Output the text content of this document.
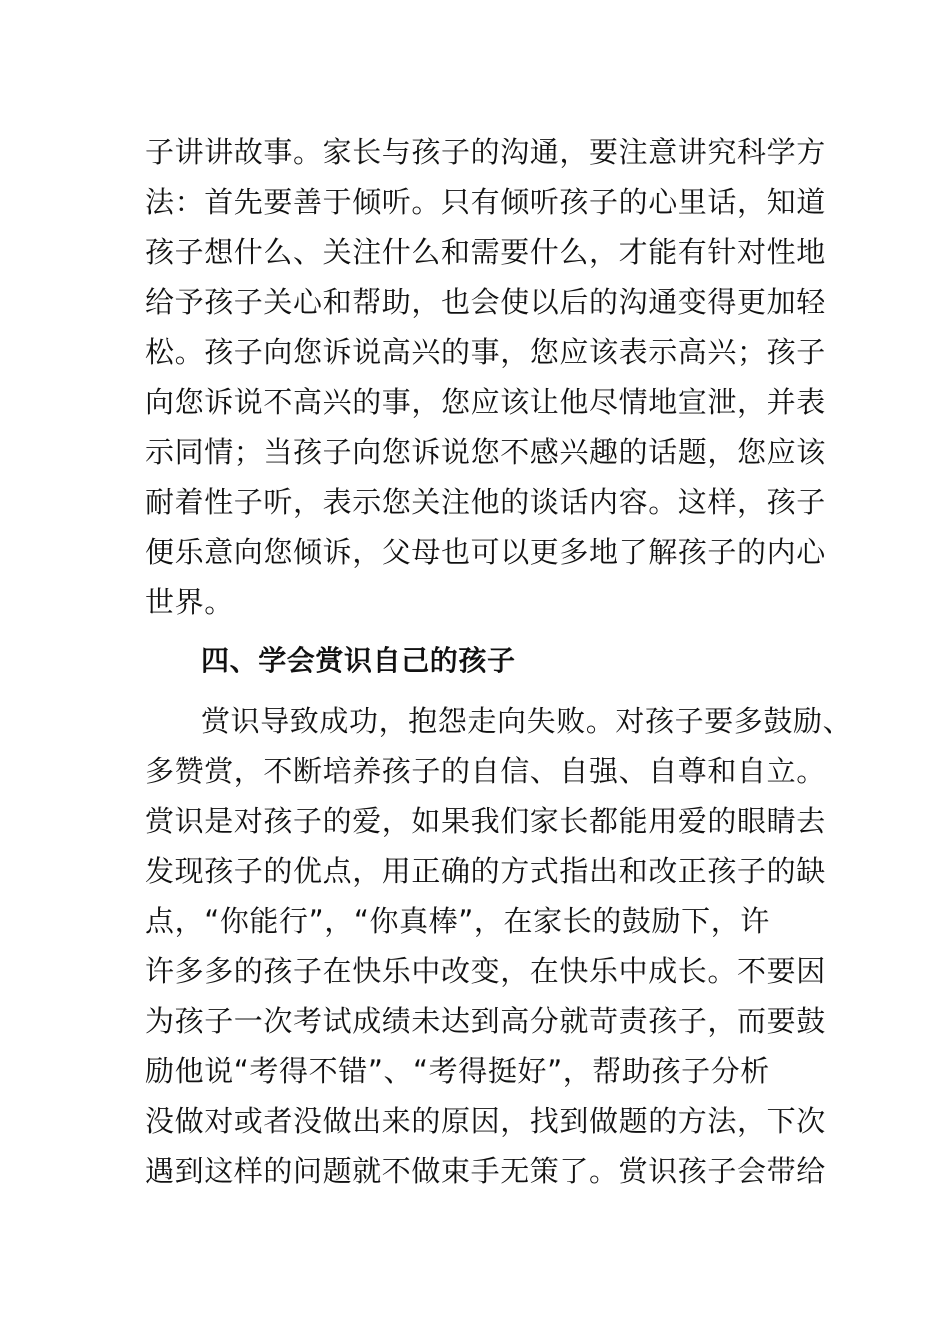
子讲讲故事。家长与孩子的沟通，要注意讲究科学方
法：首先要善于倾听。只有倾听孩子的心里话，知道
孩子想什么、关注什么和需要什么，才能有针对性地
给予孩子关心和帮助，也会使以后的沟通变得更加轻
松。孩子向您诉说高兴的事，您应该表示高兴；孩子
向您诉说不高兴的事，您应该让他尽情地宣泄，并表
示同情；当孩子向您诉说您不感兴趣的话题，您应该
耐着性子听，表示您关注他的谈话内容。这样，孩子
便乐意向您倾诉，父母也可以更多地了解孩子的内心
世界。
四、学会赏识自己的孩子
赏识导致成功，抱怨走向失败。对孩子要多鼓励、
多赞赏，不断培养孩子的自信、自强、自尊和自立。
赏识是对孩子的爱，如果我们家长都能用爱的眼睛去
发现孩子的优点，用正确的方式指出和改正孩子的缺
点，“你能行”，“你真棒”，在家长的鼓励下，许
许多多的孩子在快乐中改变，在快乐中成长。不要因
为孩子一次考试成绩未达到高分就苛责孩子，而要鼓
励他说“考得不错”、“考得挺好”，帮助孩子分析
没做对或者没做出来的原因，找到做题的方法，下次
遇到这样的问题就不做束手无策了。赏识孩子会带给
